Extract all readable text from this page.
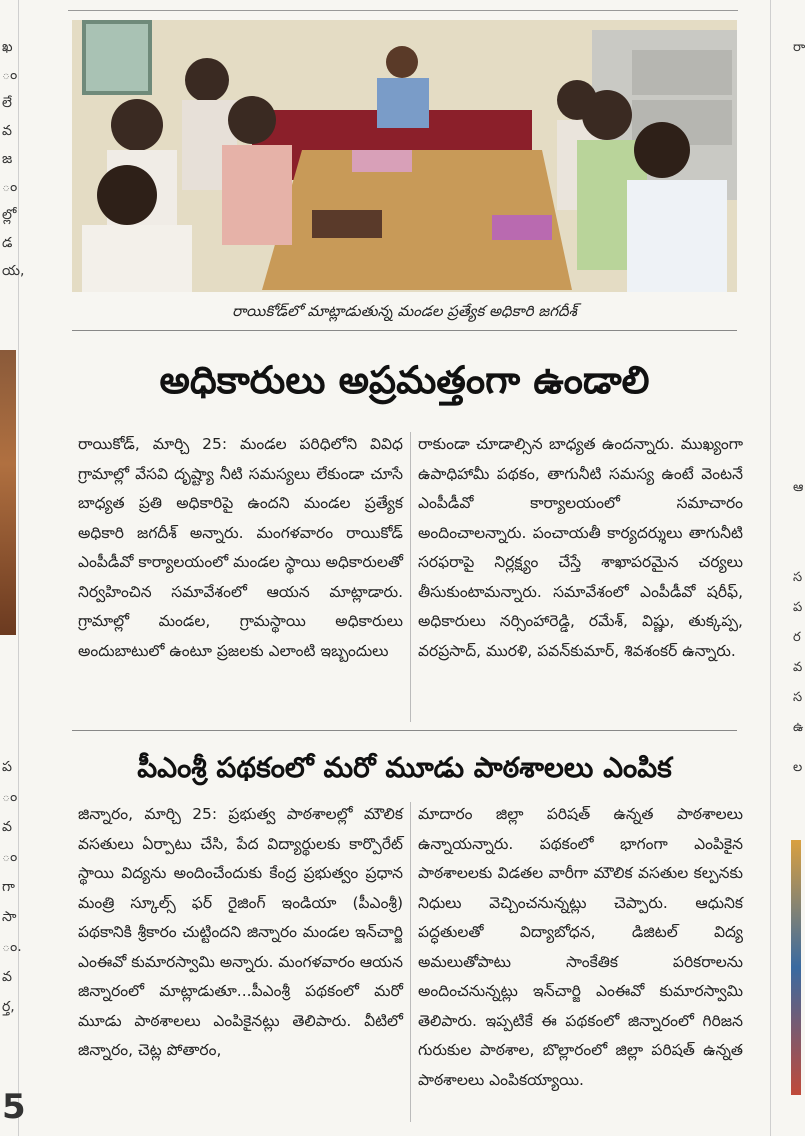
ఖ
ం
లే
వ
జ
ం
ల్లో
డ
య,
ప
ం
వ
ం
గా
సా
ం.
వ
ర్త,
5
రా
ఆ
స
ప
ర
వ
స
ఉ
ల
రాయికోడ్‌లో మాట్లాడుతున్న మండల ప్రత్యేక అధికారి జగదీశ్‌
అధికారులు అప్రమత్తంగా ఉండాలి
రాయికోడ్‌, మార్చి 25: మండల పరిధిలోని వివిధ గ్రామాల్లో వేసవి దృష్ట్యా నీటి సమస్యలు లేకుండా చూసే బాధ్యత ప్రతి అధికారిపై ఉందని మండల ప్రత్యేక అధికారి జగదీశ్‌ అన్నారు. మంగళవారం రాయికోడ్‌ ఎంపీడీవో కార్యాలయంలో మండల స్థాయి అధికారులతో నిర్వహించిన సమావేశంలో ఆయన మాట్లాడారు. గ్రామాల్లో మండల, గ్రామస్థాయి అధికారులు అందుబాటులో ఉంటూ ప్రజలకు ఎలాంటి ఇబ్బందులు
రాకుండా చూడాల్సిన బాధ్యత ఉందన్నారు. ముఖ్యంగా ఉపాధిహామీ పథకం, తాగునీటి సమస్య ఉంటే వెంటనే ఎంపీడీవో కార్యాలయంలో సమాచారం అందించాలన్నారు. పంచాయతీ కార్యదర్శులు తాగునీటి సరఫరాపై నిర్లక్ష్యం చేస్తే శాఖాపరమైన చర్యలు తీసుకుంటామన్నారు. సమావేశంలో ఎంపీడీవో షరీఫ్‌, అధికారులు నర్సింహారెడ్డి, రమేశ్‌, విష్ణు, తుక్కప్ప, వరప్రసాద్‌, మురళి, పవన్‌కుమార్‌, శివశంకర్‌ ఉన్నారు.
పీఎంశ్రీ పథకంలో మరో మూడు పాఠశాలలు ఎంపిక
జిన్నారం, మార్చి 25: ప్రభుత్వ పాఠశాలల్లో మౌలిక వసతులు ఏర్పాటు చేసి, పేద విద్యార్థులకు కార్పొరేట్‌ స్థాయి విద్యను అందించేందుకు కేంద్ర ప్రభుత్వం ప్రధాన మంత్రి స్కూల్స్‌ ఫర్‌ రైజింగ్‌ ఇండియా (పీఎంశ్రీ) పథకానికి శ్రీకారం చుట్టిందని జిన్నారం మండల ఇన్‌చార్జి ఎంఈవో కుమారస్వామి అన్నారు. మంగళవారం ఆయన జిన్నారంలో మాట్లాడుతూ...పీఎంశ్రీ పథకంలో మరో మూడు పాఠశాలలు ఎంపికైనట్లు తెలిపారు. వీటిలో జిన్నారం, చెట్ల పోతారం,
మాదారం జిల్లా పరిషత్‌ ఉన్నత పాఠశాలలు ఉన్నాయన్నారు. పథకంలో భాగంగా ఎంపికైన పాఠశాలలకు విడతల వారీగా మౌలిక వసతుల కల్పనకు నిధులు వెచ్చించనున్నట్లు చెప్పారు. ఆధునిక పద్ధతులతో విద్యాబోధన, డిజిటల్‌ విద్య అమలుతోపాటు సాంకేతిక పరికరాలను అందించనున్నట్లు ఇన్‌చార్జి ఎంఈవో కుమారస్వామి తెలిపారు. ఇప్పటికే ఈ పథకంలో జిన్నారంలో గిరిజన గురుకుల పాఠశాల, బొల్లారంలో జిల్లా పరిషత్‌ ఉన్నత పాఠశాలలు ఎంపికయ్యాయి.
